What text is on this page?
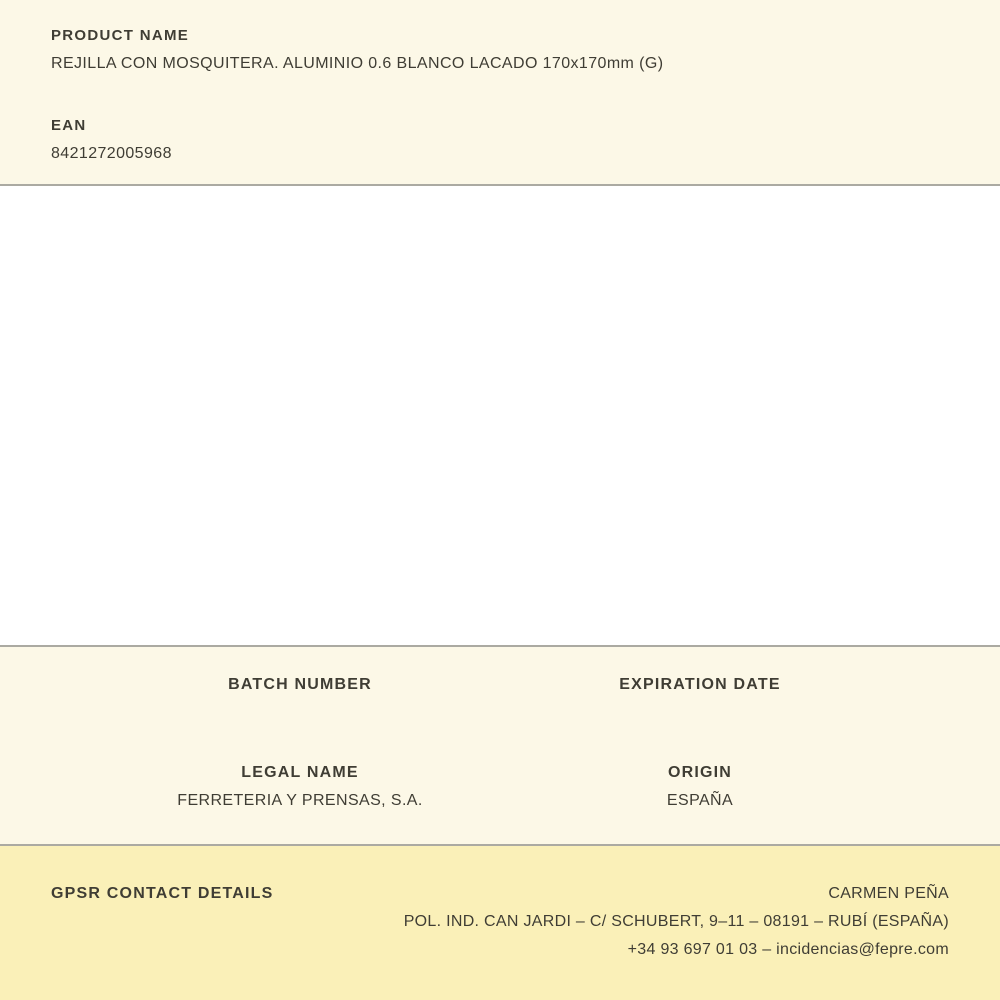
PRODUCT NAME
REJILLA CON MOSQUITERA. ALUMINIO 0.6 BLANCO LACADO 170x170mm (G)
EAN
8421272005968
BATCH NUMBER	EXPIRATION DATE
LEGAL NAME
FERRETERIA Y PRENSAS, S.A.
ORIGIN
ESPAÑA
GPSR CONTACT DETAILS	CARMEN PEÑA
POL. IND. CAN JARDI – C/ SCHUBERT, 9–11 – 08191 – RUBÍ (ESPAÑA)
+34 93 697 01 03 – incidencias@fepre.com
